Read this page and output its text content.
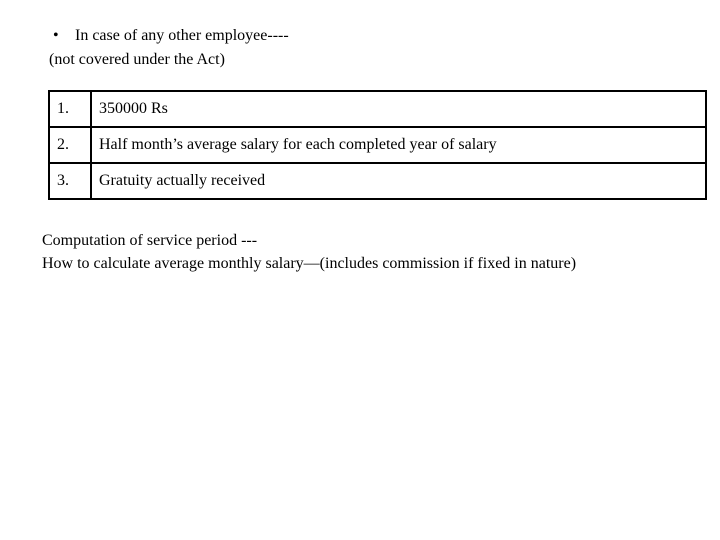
•	In case of any other employee----
(not covered under the Act)
1.	350000 Rs
2.	Half month’s average salary for each completed year of salary
3.	Gratuity actually received
Computation of service period ---
How to calculate average monthly salary—(includes commission if fixed in nature)
